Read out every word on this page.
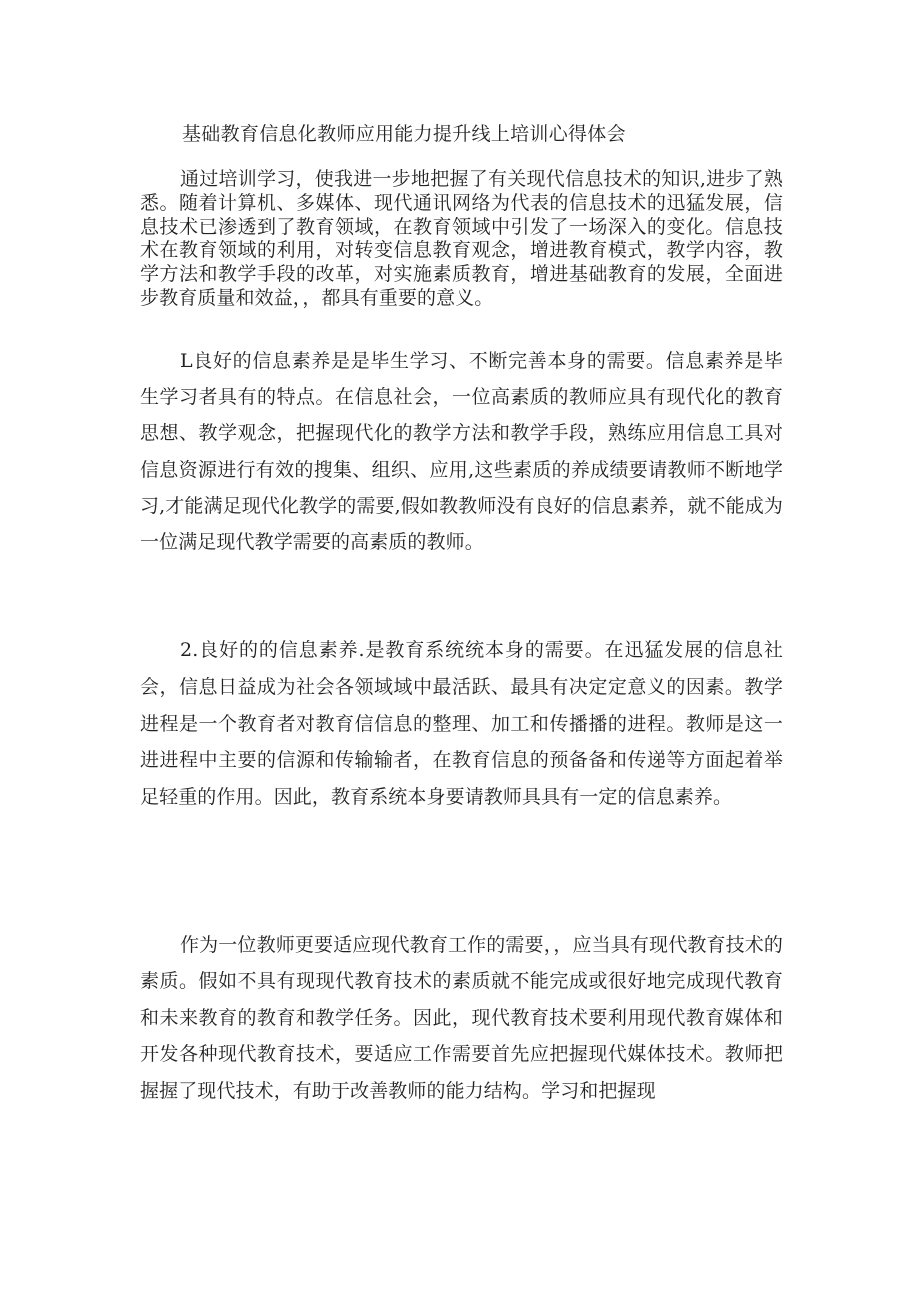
基础教育信息化教师应用能力提升线上培训心得体会

通过培训学习，使我进一步地把握了有关现代信息技术的知识,进步了熟悉。随着计算机、多媒体、现代通讯网络为代表的信息技术的迅猛发展，信息技术已渗透到了教育领域，在教育领域中引发了一场深入的变化。信息技术在教育领域的利用，对转变信息教育观念，增进教育模式，教学内容，教学方法和教学手段的改革，对实施素质教育，增进基础教育的发展，全面进步教育质量和效益，，都具有重要的意义。

L良好的信息素养是是毕生学习、不断完善本身的需要。信息素养是毕生学习者具有的特点。在信息社会，一位高素质的教师应具有现代化的教育思想、教学观念，把握现代化的教学方法和教学手段，熟练应用信息工具对信息资源进行有效的搜集、组织、应用,这些素质的养成绩要请教师不断地学习,才能满足现代化教学的需要,假如教教师没有良好的信息素养，就不能成为一位满足现代教学需要的高素质的教师。

2.良好的的信息素养.是教育系统统本身的需要。在迅猛发展的信息社会，信息日益成为社会各领域域中最活跃、最具有决定定意义的因素。教学进程是一个教育者对教育信信息的整理、加工和传播播的进程。教师是这一进进程中主要的信源和传输输者，在教育信息的预备备和传递等方面起着举足轻重的作用。因此，教育系统本身要请教师具具有一定的信息素养。

作为一位教师更要适应现代教育工作的需要，，应当具有现代教育技术的素质。假如不具有现现代教育技术的素质就不能完成或很好地完成现代教育和未来教育的教育和教学任务。因此，现代教育技术要利用现代教育媒体和开发各种现代教育技术，要适应工作需要首先应把握现代媒体技术。教师把握握了现代技术，有助于改善教师的能力结构。学习和把握现
